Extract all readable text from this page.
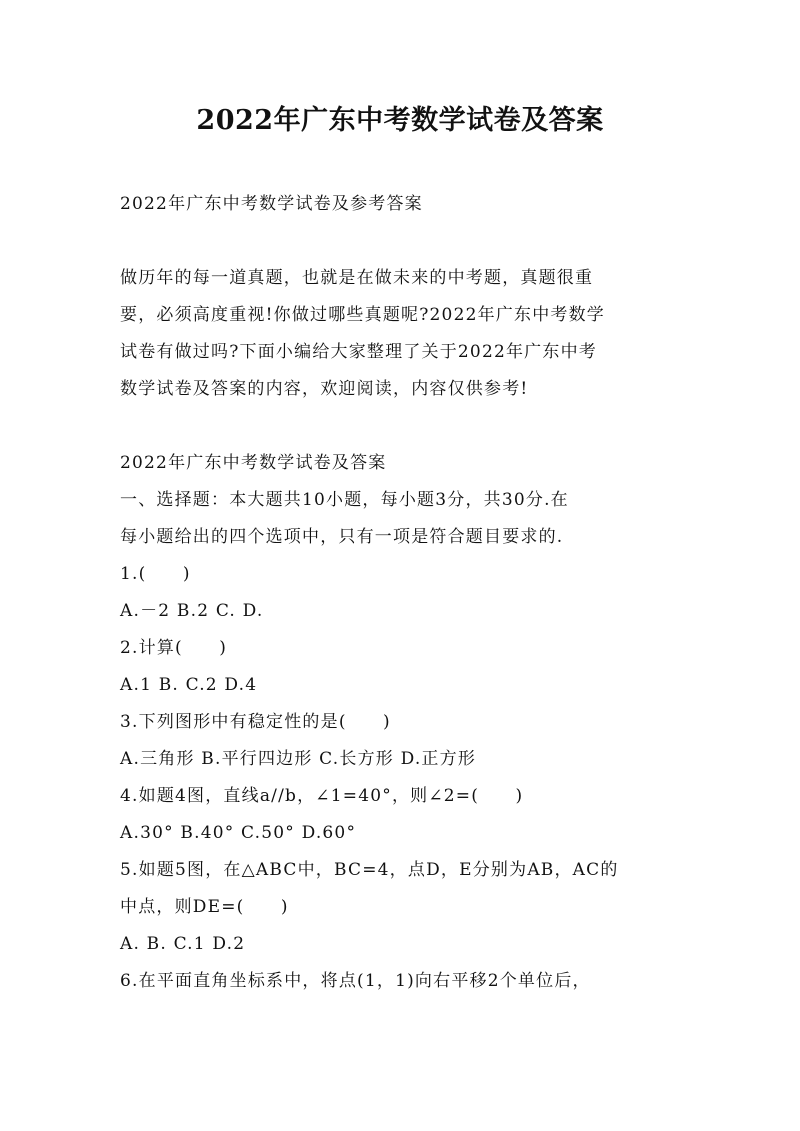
2022年广东中考数学试卷及答案

2022年广东中考数学试卷及参考答案

做历年的每一道真题，也就是在做未来的中考题，真题很重

要，必须高度重视!你做过哪些真题呢?2022年广东中考数学

试卷有做过吗?下面小编给大家整理了关于2022年广东中考

数学试卷及答案的内容，欢迎阅读，内容仅供参考!

2022年广东中考数学试卷及答案

一、选择题：本大题共10小题，每小题3分，共30分.在

每小题给出的四个选项中，只有一项是符合题目要求的.

1.(　　)

A.－2 B.2 C. D.

2.计算(　　)

A.1 B. C.2 D.4

3.下列图形中有稳定性的是(　　)

A.三角形 B.平行四边形 C.长方形 D.正方形

4.如题4图，直线a//b，∠1=40°，则∠2=(　　)

A.30° B.40° C.50° D.60°

5.如题5图，在△ABC中，BC=4，点D，E分别为AB，AC的

中点，则DE=(　　)

A. B. C.1 D.2

6.在平面直角坐标系中，将点(1，1)向右平移2个单位后，
